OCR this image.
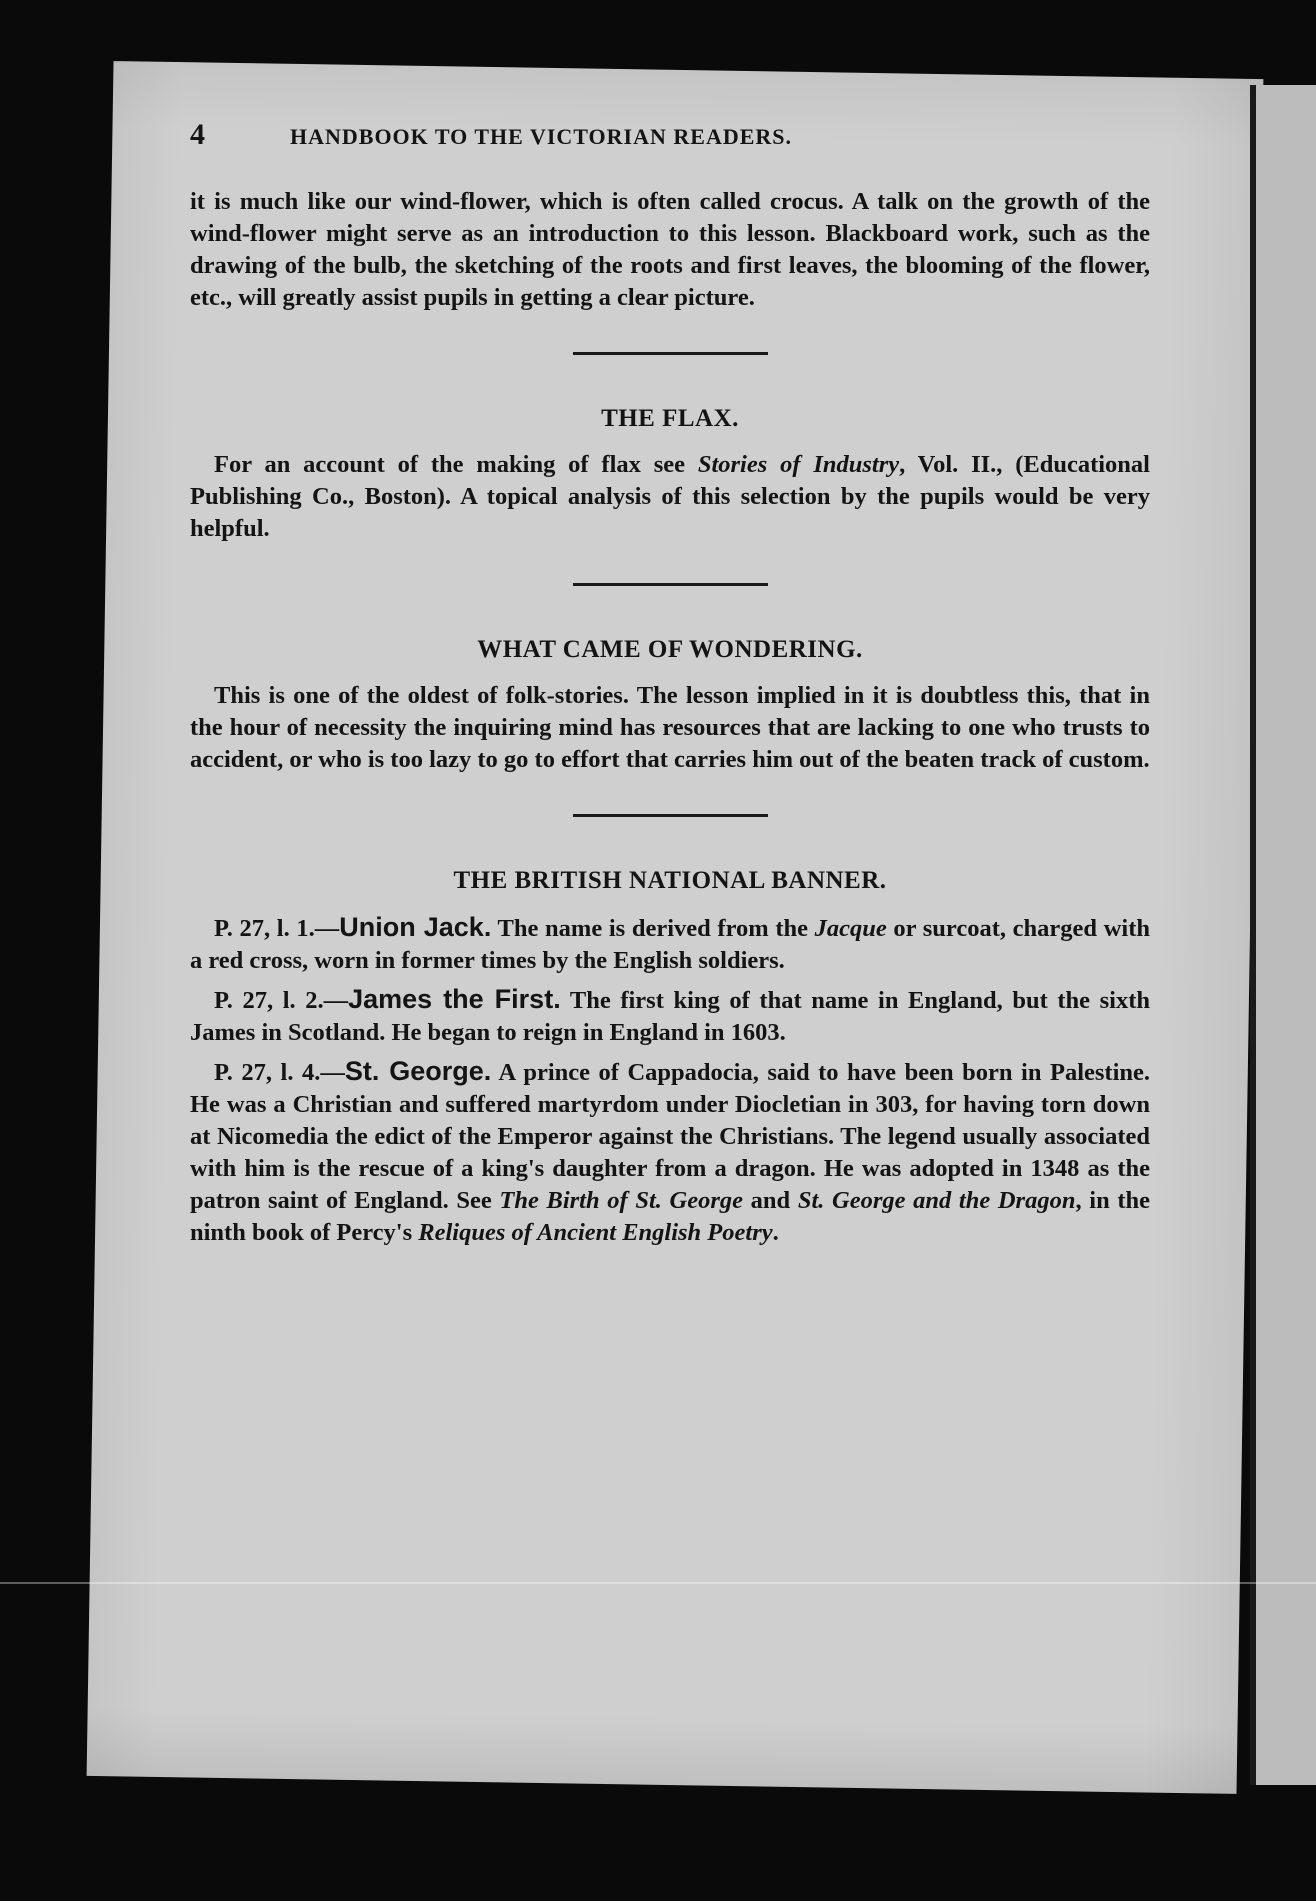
4	HANDBOOK TO THE VICTORIAN READERS.

it is much like our wind-flower, which is often called crocus. A talk on the growth of the wind-flower might serve as an introduction to this lesson. Blackboard work, such as the drawing of the bulb, the sketching of the roots and first leaves, the blooming of the flower, etc., will greatly assist pupils in getting a clear picture.

THE FLAX.

For an account of the making of flax see Stories of Industry, Vol. II., (Educational Publishing Co., Boston). A topical analysis of this selection by the pupils would be very helpful.

WHAT CAME OF WONDERING.

This is one of the oldest of folk-stories. The lesson implied in it is doubtless this, that in the hour of necessity the inquiring mind has resources that are lacking to one who trusts to accident, or who is too lazy to go to effort that carries him out of the beaten track of custom.

THE BRITISH NATIONAL BANNER.

P. 27, l. 1.—Union Jack. The name is derived from the Jacque or surcoat, charged with a red cross, worn in former times by the English soldiers.

P. 27, l. 2.—James the First. The first king of that name in England, but the sixth James in Scotland. He began to reign in England in 1603.

P. 27, l. 4.—St. George. A prince of Cappadocia, said to have been born in Palestine. He was a Christian and suffered martyrdom under Diocletian in 303, for having torn down at Nicomedia the edict of the Emperor against the Christians. The legend usually associated with him is the rescue of a king's daughter from a dragon. He was adopted in 1348 as the patron saint of England. See The Birth of St. George and St. George and the Dragon, in the ninth book of Percy's Reliques of Ancient English Poetry.
